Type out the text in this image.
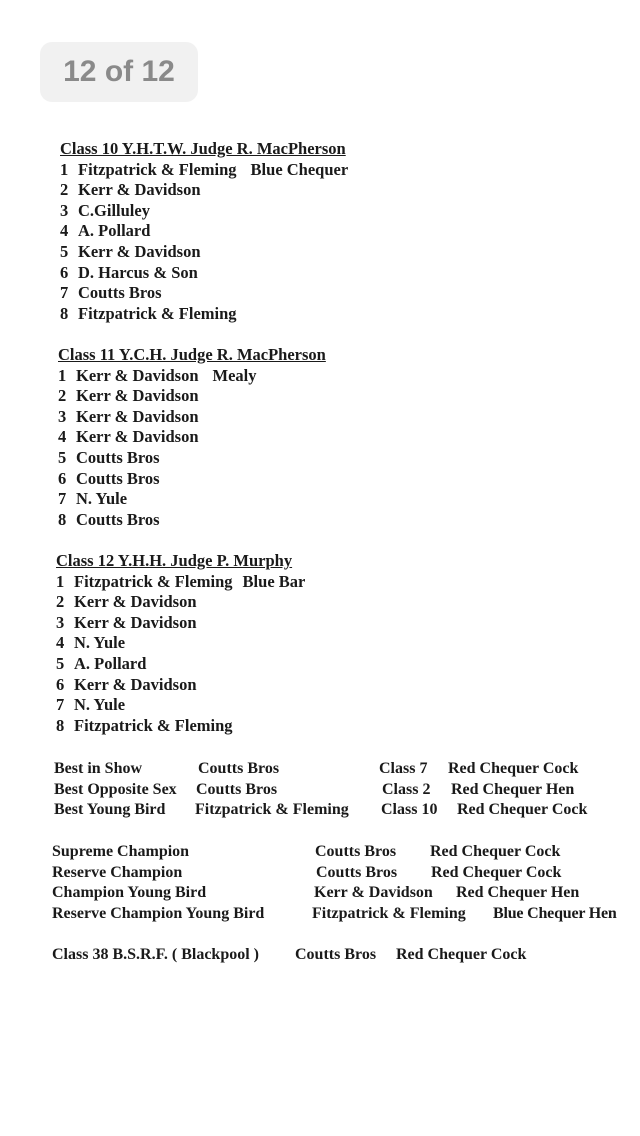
Class 10 Y.H.T.W. Judge R. MacPherson
1 Fitzpatrick & Fleming Blue Chequer
2 Kerr & Davidson
3 C.Gilluley
4 A. Pollard
5 Kerr & Davidson
6 D. Harcus & Son
7 Coutts Bros
8 Fitzpatrick & Fleming
Class 11 Y.C.H. Judge R. MacPherson
1 Kerr & Davidson Mealy
2 Kerr & Davidson
3 Kerr & Davidson
4 Kerr & Davidson
5 Coutts Bros
6 Coutts Bros
7 N. Yule
8 Coutts Bros
Class 12 Y.H.H. Judge P. Murphy
1 Fitzpatrick & Fleming Blue Bar
2 Kerr & Davidson
3 Kerr & Davidson
4 N. Yule
5 A. Pollard
6 Kerr & Davidson
7 N. Yule
8 Fitzpatrick & Fleming
Best in Show	Coutts Bros	Class 7 Red Chequer Cock
Best Opposite Sex Coutts Bros	Class 2 Red Chequer Hen
Best Young Bird Fitzpatrick & Fleming Class 10 Red Chequer Cock
Supreme Champion	Coutts Bros Red Chequer Cock
Reserve Champion	Coutts Bros Red Chequer Cock
Champion Young Bird	Kerr & Davidson Red Chequer Hen
Reserve Champion Young Bird	Fitzpatrick & Fleming Blue Chequer Hen
Class 38 B.S.R.F. ( Blackpool ) Coutts Bros Red Chequer Cock
12 of 12
